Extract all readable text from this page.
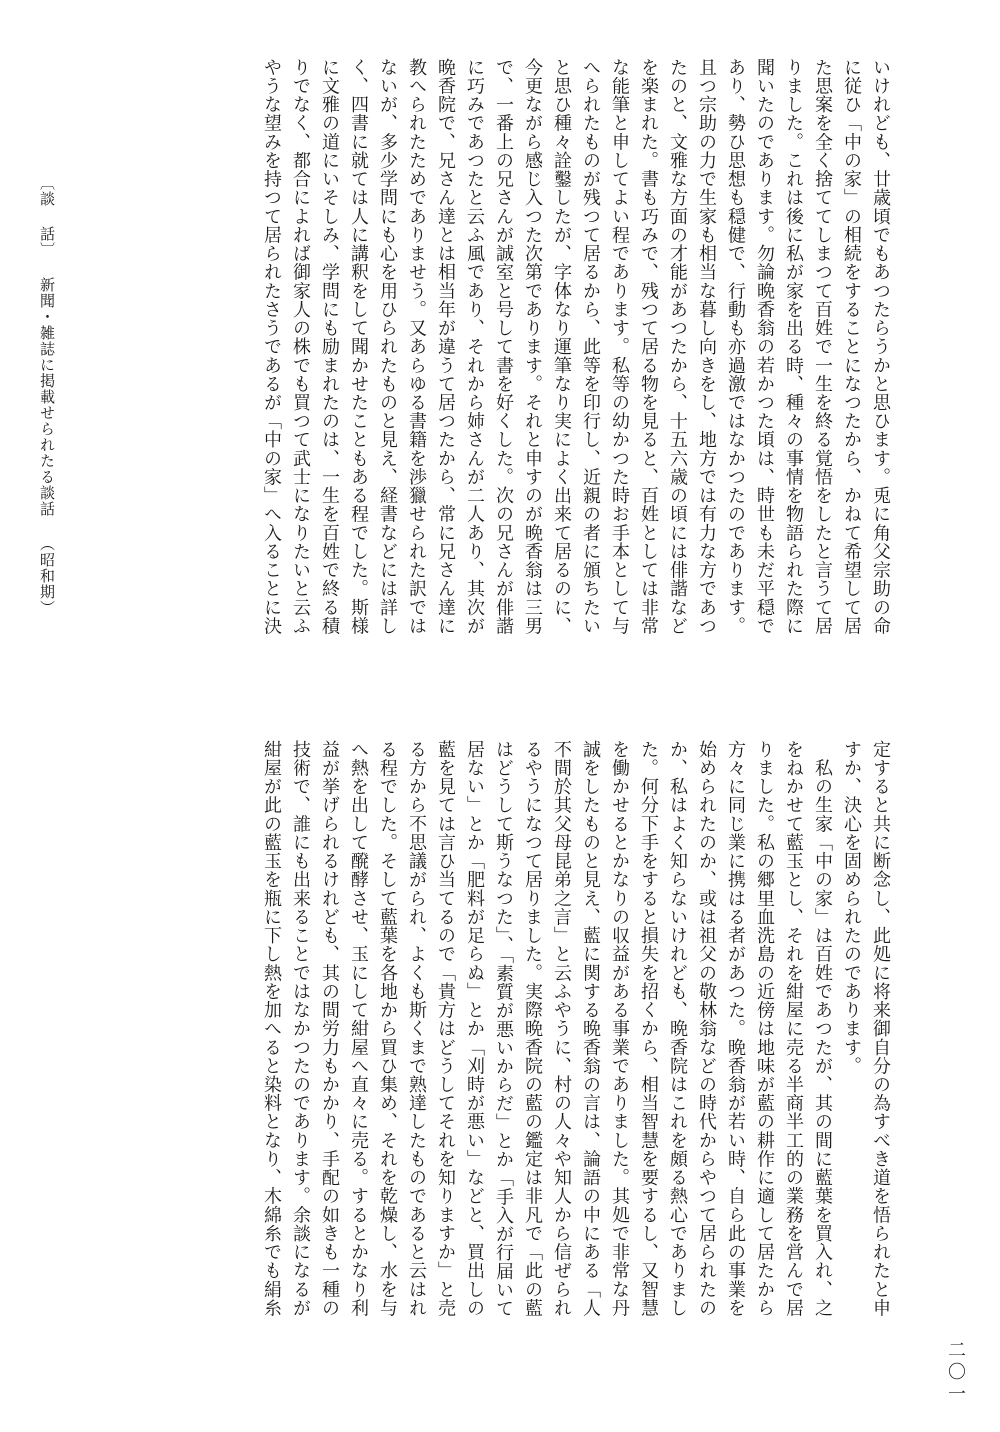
いけれども、廿歳頃でもあつたらうかと思ひます。兎に角父宗助の命
に従ひ「中の家」の相続をすることになつたから、かねて希望して居
た思案を全く捨ててしまつて百姓で一生を終る覚悟をしたと言うて居
りました。これは後に私が家を出る時、種々の事情を物語られた際に
聞いたのであります。勿論晩香翁の若かつた頃は、時世も未だ平穏で
あり、勢ひ思想も穏健で、行動も亦過激ではなかつたのであります。
且つ宗助の力で生家も相当な暮し向きをし、地方では有力な方であつ
たのと、文雅な方面の才能があつたから、十五六歳の頃には俳諧など
を楽まれた。書も巧みで、残つて居る物を見ると、百姓としては非常
な能筆と申してよい程であります。私等の幼かつた時お手本として与
へられたものが残つて居るから、此等を印行し、近親の者に頒ちたい
と思ひ種々詮鑿したが、字体なり運筆なり実によく出来て居るのに、
今更ながら感じ入つた次第であります。それと申すのが晩香翁は三男
で、一番上の兄さんが誠室と号して書を好くした。次の兄さんが俳諧
に巧みであつたと云ふ風であり、それから姉さんが二人あり、其次が
晩香院で、兄さん達とは相当年が違うて居つたから、常に兄さん達に
教へられたためでありませう。又あらゆる書籍を渉獵せられた訳では
ないが、多少学問にも心を用ひられたものと見え、経書などには詳し
く、四書に就ては人に講釈をして聞かせたこともある程でした。斯様
に文雅の道にいそしみ、学問にも励まれたのは、一生を百姓で終る積
りでなく、都合によれば御家人の株でも買つて武士になりたいと云ふ
やうな望みを持つて居られたさうであるが「中の家」へ入ることに決
定すると共に断念し、此処に将来御自分の為すべき道を悟られたと申
すか、決心を固められたのであります。
　私の生家「中の家」は百姓であつたが、其の間に藍葉を買入れ、之
をねかせて藍玉とし、それを紺屋に売る半商半工的の業務を営んで居
りました。私の郷里血洗島の近傍は地味が藍の耕作に適して居たから
方々に同じ業に携はる者があつた。晩香翁が若い時、自ら此の事業を
始められたのか、或は祖父の敬林翁などの時代からやつて居られたの
か、私はよく知らないけれども、晩香院はこれを頗る熱心でありまし
た。何分下手をすると損失を招くから、相当智慧を要するし、又智慧
を働かせるとかなりの収益がある事業でありました。其処で非常な丹
誠をしたものと見え、藍に関する晩香翁の言は、論語の中にある「人
不間於其父母昆弟之言」と云ふやうに、村の人々や知人から信ぜられ
るやうになつて居りました。実際晩香院の藍の鑑定は非凡で「此の藍
はどうして斯うなつた」、「素質が悪いからだ」とか「手入が行届いて
居ない」とか「肥料が足らぬ」とか「刈時が悪い」などと、買出しの
藍を見ては言ひ当てるので「貴方はどうしてそれを知りますか」と売
る方から不思議がられ、よくも斯くまで熟達したものであると云はれ
る程でした。そして藍葉を各地から買ひ集め、それを乾燥し、水を与
へ熱を出して醗酵させ、玉にして紺屋へ直々に売る。するとかなり利
益が挙げられるけれども、其の間労力もかかり、手配の如きも一種の
技術で、誰にも出来ることではなかつたのであります。余談になるが
紺屋が此の藍玉を瓶に下し熱を加へると染料となり、木綿糸でも絹糸
〔談 話〕 新聞・雑誌に掲載せられたる談話 （昭和期）
二〇一
